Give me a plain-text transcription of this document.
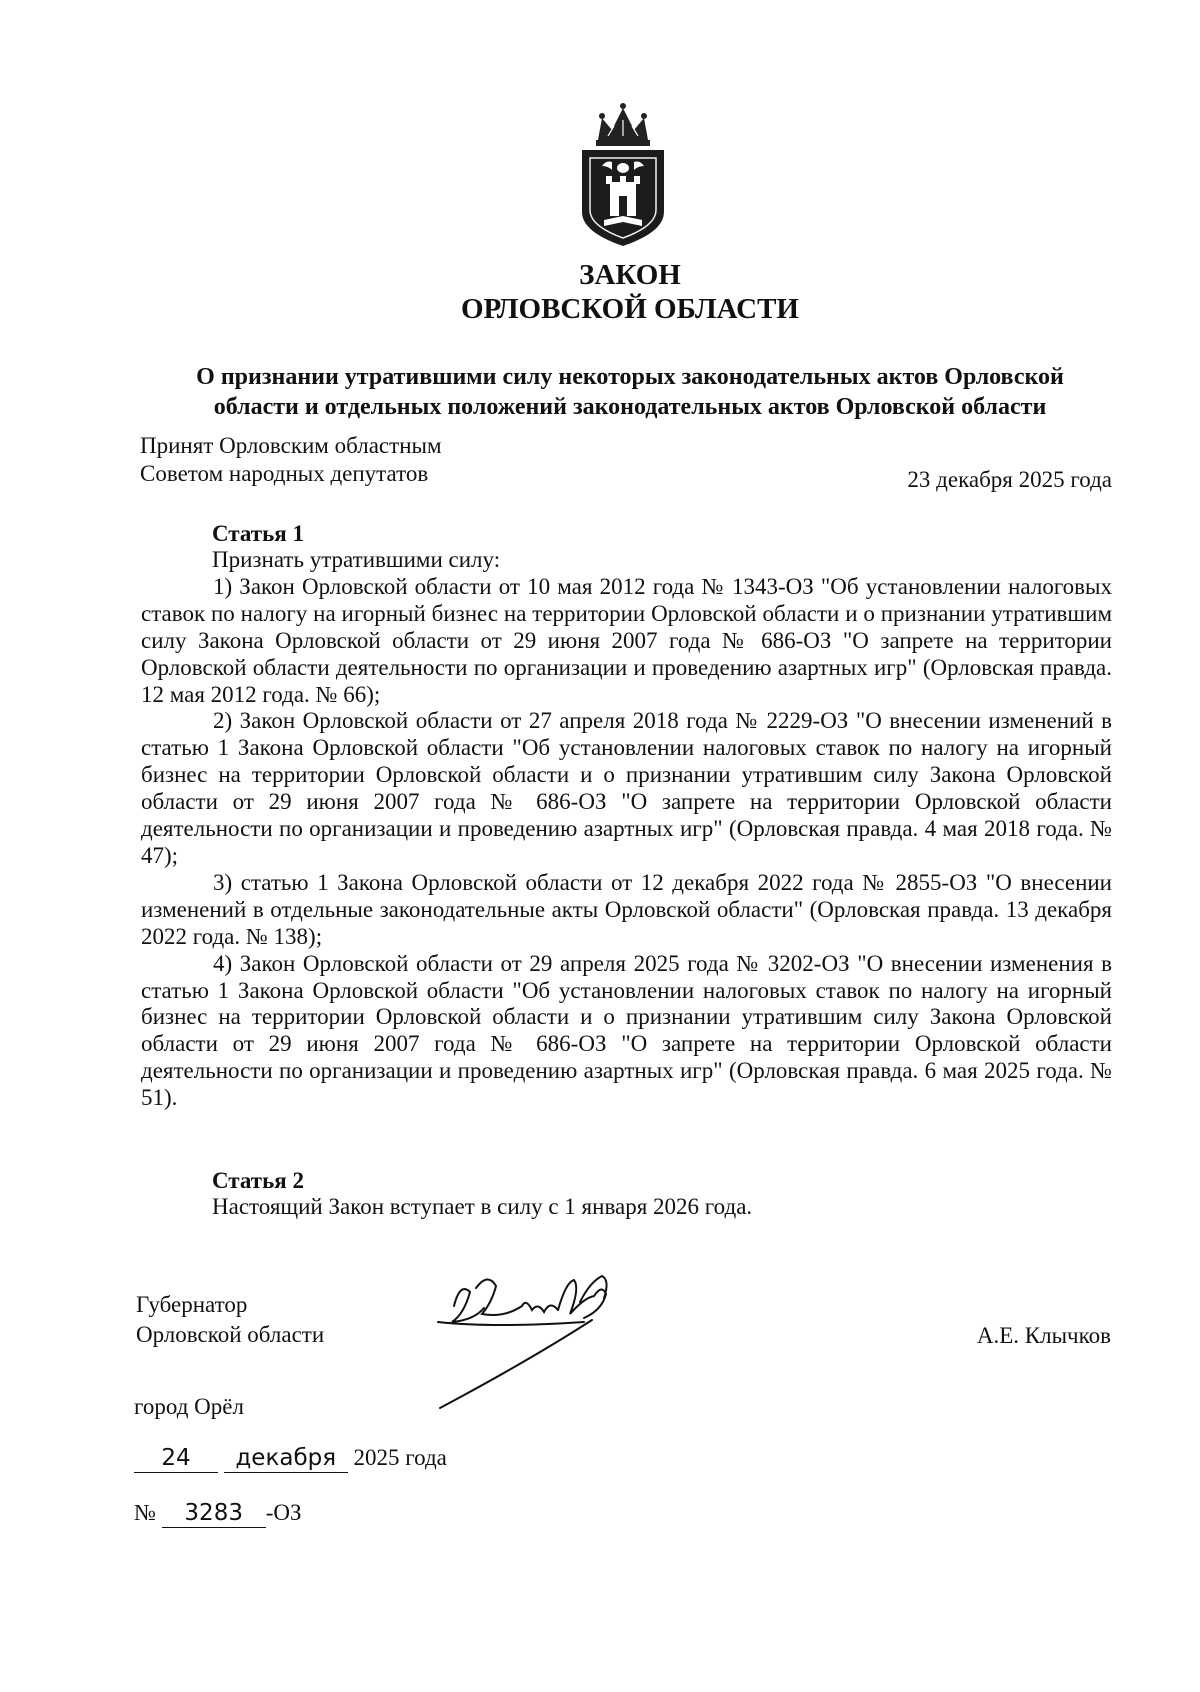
ЗАКОН
ОРЛОВСКОЙ ОБЛАСТИ
О признании утратившими силу некоторых законодательных актов Орловской
области и отдельных положений законодательных актов Орловской области
Принят Орловским областным
Советом народных депутатов	23 декабря 2025 года
Статья 1

Признать утратившими силу:

1) Закон Орловской области от 10 мая 2012 года № 1343-ОЗ "Об установлении налоговых ставок по налогу на игорный бизнес на территории Орловской области и о признании утратившим силу Закона Орловской области от 29 июня 2007 года № 686-ОЗ "О запрете на территории Орловской области деятельности по организации и проведению азартных игр" (Орловская правда. 12 мая 2012 года. № 66);

2) Закон Орловской области от 27 апреля 2018 года № 2229-ОЗ "О внесении изменений в статью 1 Закона Орловской области "Об установлении налоговых ставок по налогу на игорный бизнес на территории Орловской области и о признании утратившим силу Закона Орловской области от 29 июня 2007 года № 686-ОЗ "О запрете на территории Орловской области деятельности по организации и проведению азартных игр" (Орловская правда. 4 мая 2018 года. № 47);

3) статью 1 Закона Орловской области от 12 декабря 2022 года № 2855-ОЗ "О внесении изменений в отдельные законодательные акты Орловской области" (Орловская правда. 13 декабря 2022 года. № 138);

4) Закон Орловской области от 29 апреля 2025 года № 3202-ОЗ "О внесении изменения в статью 1 Закона Орловской области "Об установлении налоговых ставок по налогу на игорный бизнес на территории Орловской области и о признании утратившим силу Закона Орловской области от 29 июня 2007 года № 686-ОЗ "О запрете на территории Орловской области деятельности по организации и проведению азартных игр" (Орловская правда. 6 мая 2025 года. № 51).

Статья 2

Настоящий Закон вступает в силу с 1 января 2026 года.

Губернатор
Орловской области	А.Е. Клычков
город Орёл
24 декабря 2025 года
№ 3283 -ОЗ
